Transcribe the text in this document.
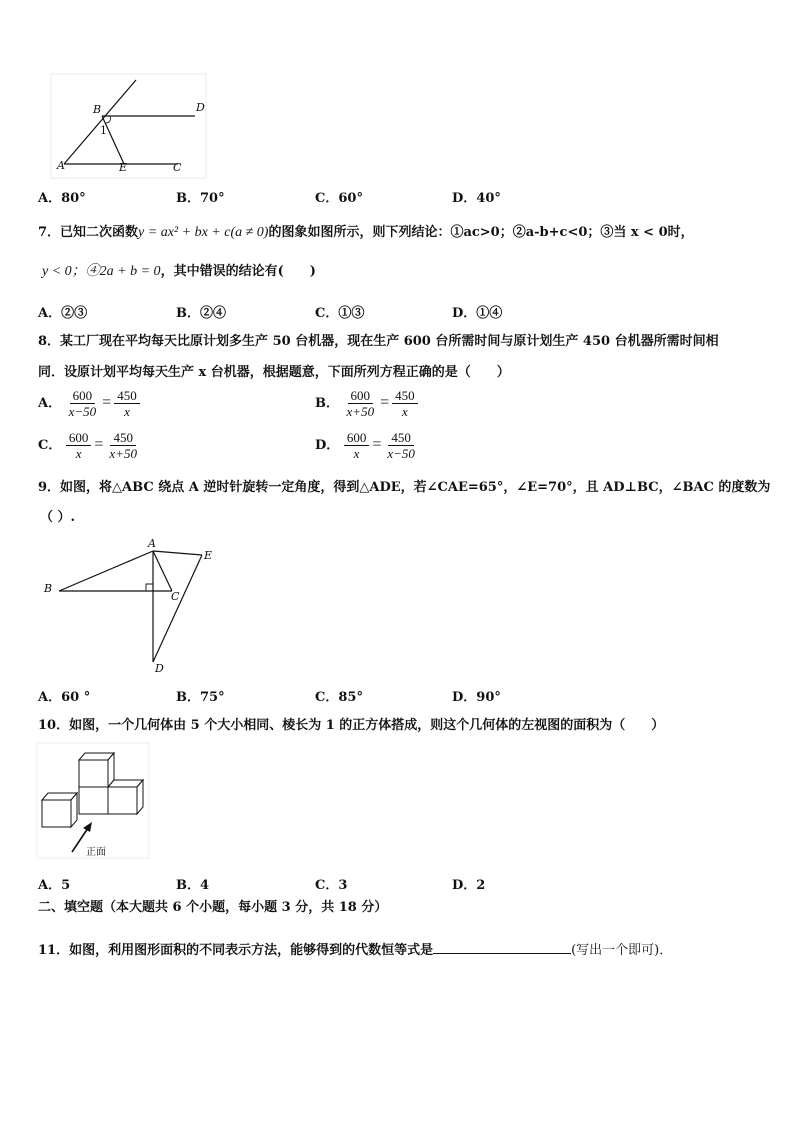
B	D
1
A	E	C
A．80°	B．70°	C．60°	D．40°
7．已知二次函数y = ax² + bx + c(a ≠ 0)的图象如图所示，则下列结论：①ac>0；②a-b+c<0；③当 x < 0时，
y < 0；④2a + b = 0，其中错误的结论有(　　)
A．②③	B．②④	C．①③	D．①④
8．某工厂现在平均每天比原计划多生产 50 台机器，现在生产 600 台所需时间与原计划生产 450 台机器所需时间相
同．设原计划平均每天生产 x 台机器，根据题意，下面所列方程正确的是（　　）
A． $\frac{600}{x-50} = \frac{450}{x}$	B． $\frac{600}{x+50} = \frac{450}{x}$
C． $\frac{600}{x} = \frac{450}{x+50}$	D． $\frac{600}{x} = \frac{450}{x-50}$
9．如图，将△ABC 绕点 A 逆时针旋转一定角度，得到△ADE，若∠CAE=65°，∠E=70°，且 AD⊥BC，∠BAC 的度数为
（ ）.
A
E
B
C
D
A．60 °	B．75°	C．85°	D．90°
10．如图，一个几何体由 5 个大小相同、棱长为 1 的正方体搭成，则这个几何体的左视图的面积为（　　）
正面
A．5	B．4	C．3	D．2
二、填空题（本大题共 6 个小题，每小题 3 分，共 18 分）
11．如图，利用图形面积的不同表示方法，能够得到的代数恒等式是	(写出一个即可)．
